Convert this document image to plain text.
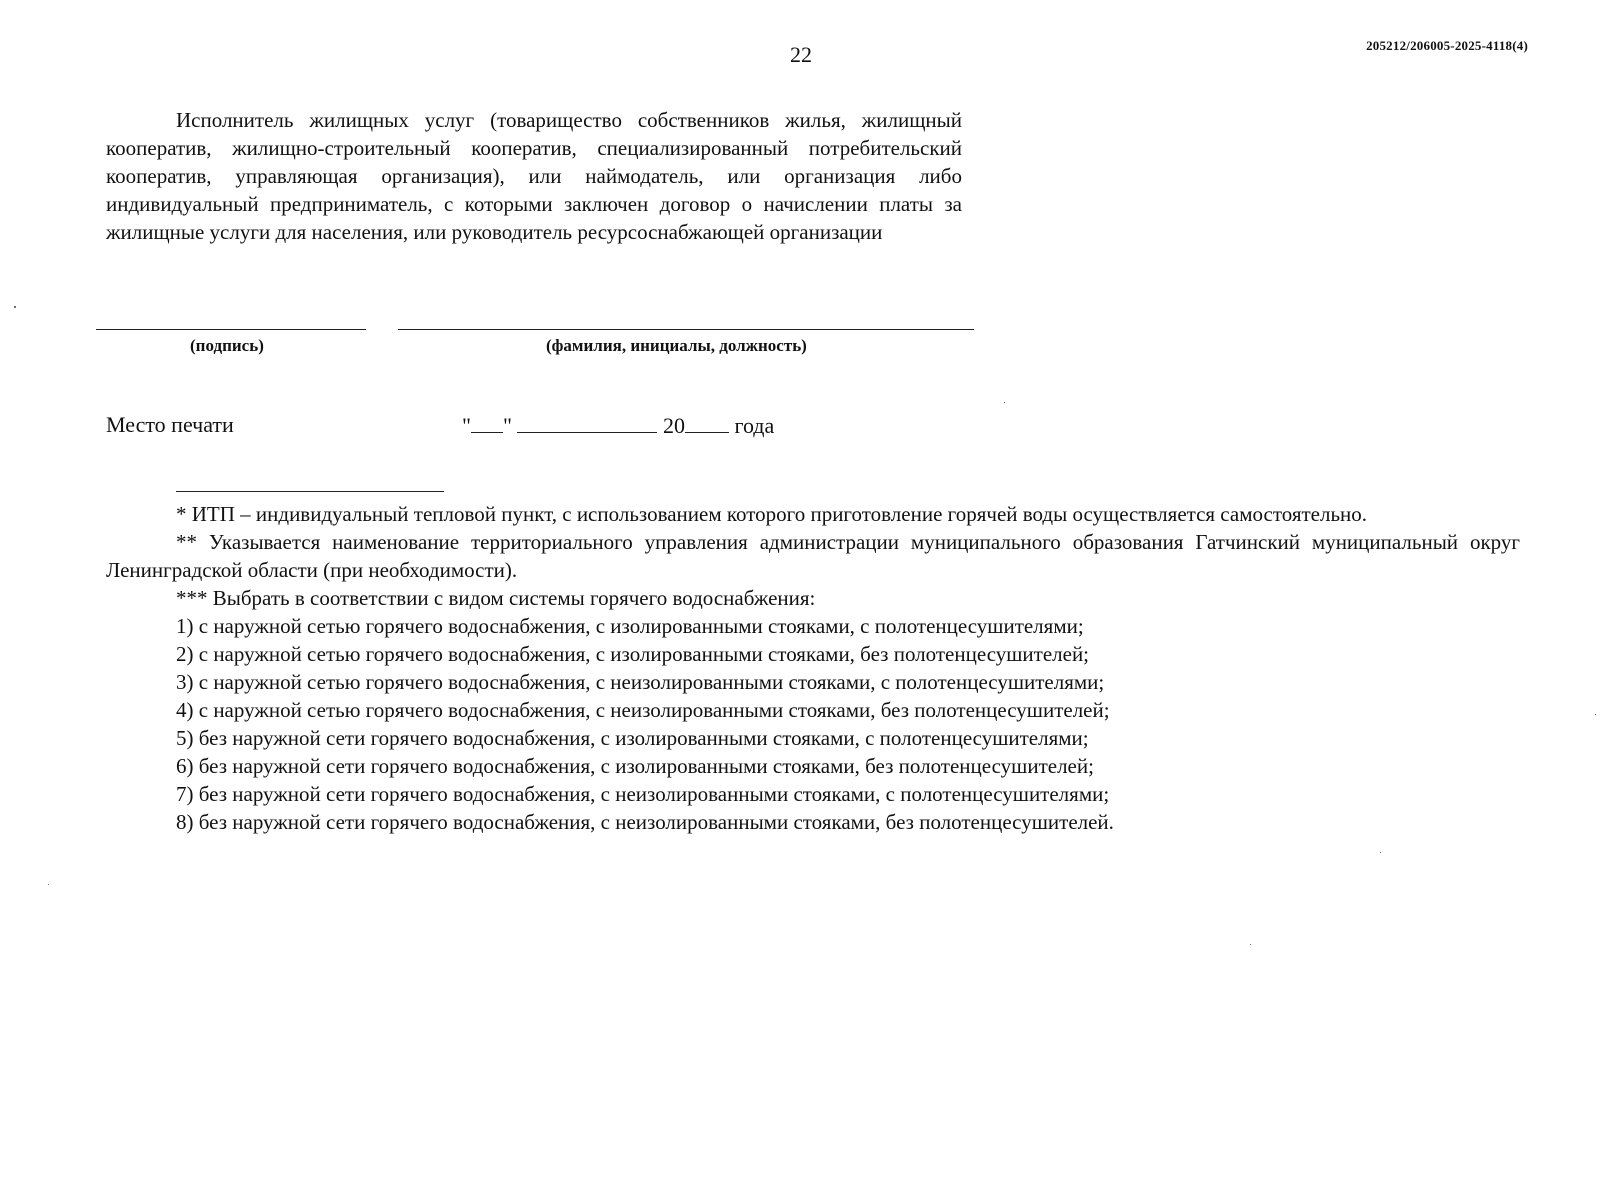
22	205212/206005-2025-4118(4)
Исполнитель жилищных услуг (товарищество собственников жилья, жилищный кооператив, жилищно-строительный кооператив, специализированный потребительский кооператив, управляющая организация), или наймодатель, или организация либо индивидуальный предприниматель, с которыми заключен договор о начислении платы за жилищные услуги для населения, или руководитель ресурсоснабжающей организации
(подпись)	(фамилия, инициалы, должность)
Место печати	" "	20 года

* ИТП – индивидуальный тепловой пункт, с использованием которого приготовление горячей воды осуществляется самостоятельно.

** Указывается наименование территориального управления администрации муниципального образования Гатчинский муниципальный округ Ленинградской области (при необходимости).

*** Выбрать в соответствии с видом системы горячего водоснабжения:

1) с наружной сетью горячего водоснабжения, с изолированными стояками, с полотенцесушителями;
2) с наружной сетью горячего водоснабжения, с изолированными стояками, без полотенцесушителей;
3) с наружной сетью горячего водоснабжения, с неизолированными стояками, с полотенцесушителями;
4) с наружной сетью горячего водоснабжения, с неизолированными стояками, без полотенцесушителей;
5) без наружной сети горячего водоснабжения, с изолированными стояками, с полотенцесушителями;
6) без наружной сети горячего водоснабжения, с изолированными стояками, без полотенцесушителей;
7) без наружной сети горячего водоснабжения, с неизолированными стояками, с полотенцесушителями;
8) без наружной сети горячего водоснабжения, с неизолированными стояками, без полотенцесушителей.
